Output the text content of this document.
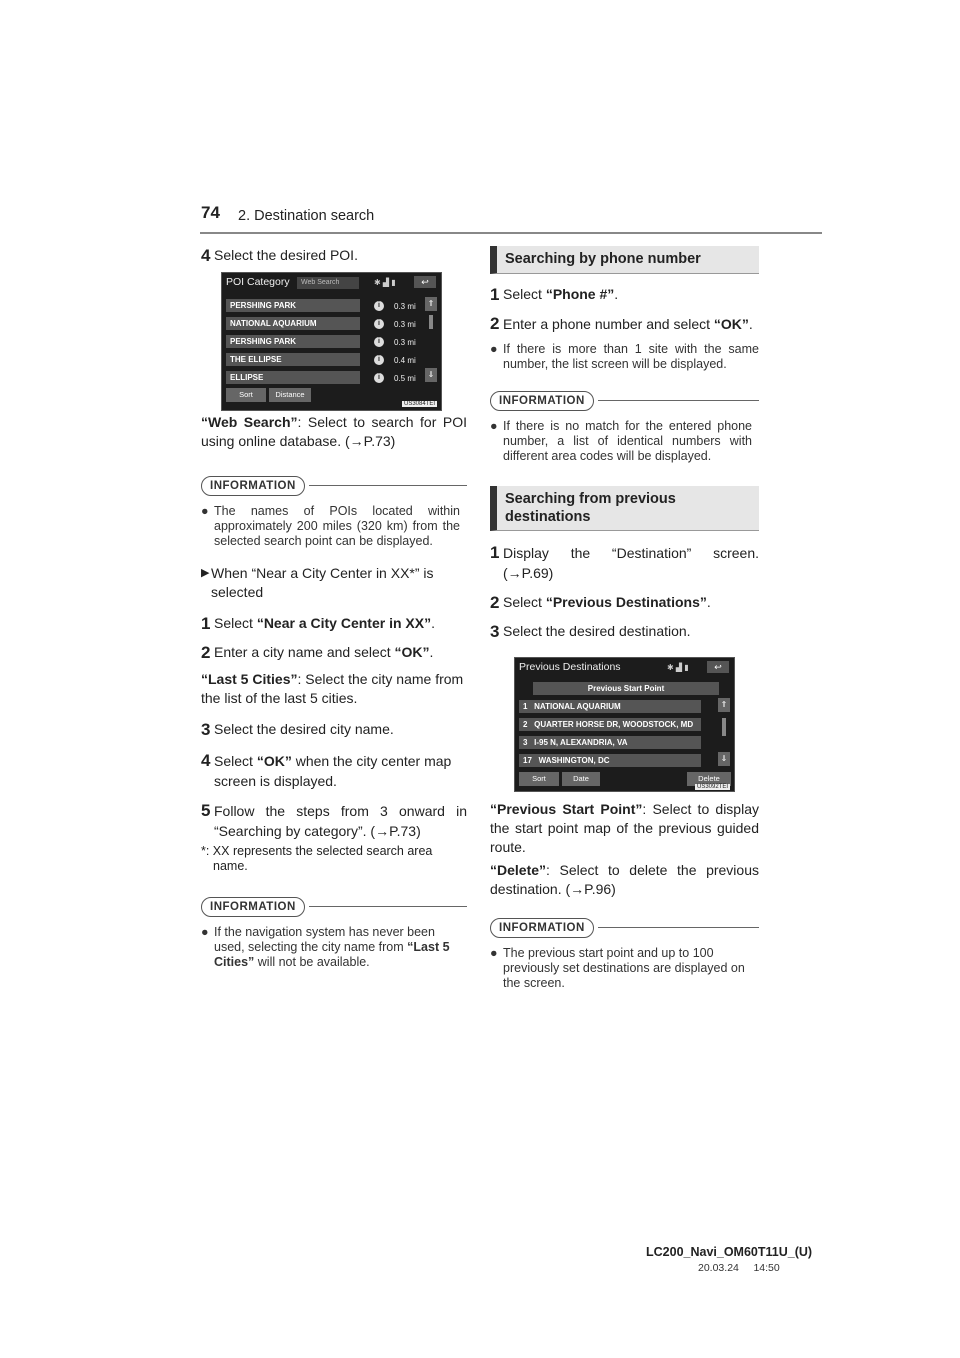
74 2. Destination search
4 Select the desired POI.
POI Category	Web Search	✱ ▟ ▮	↩
PERSHING PARK	i	0.3 mi
NATIONAL AQUARIUM	i	0.3 mi
PERSHING PARK	i	0.3 mi
THE ELLIPSE	i	0.4 mi
ELLIPSE	i	0.5 mi
⇑
⇓
Sort	Distance
US3084TEI

“Web Search”: Select to search for POI using online database. (→P.73)

INFORMATION
● The names of POIs located within approximately 200 miles (320 km) from the selected search point can be displayed.
▶ When “Near a City Center in XX*” is selected
1 Select “Near a City Center in XX”.
2 Enter a city name and select “OK”.

“Last 5 Cities”: Select the city name from the list of the last 5 cities.

3 Select the desired city name.
4 Select “OK” when the city center map screen is displayed.
5 Follow the steps from 3 onward in “Searching by category”. (→P.73)

*: XX represents the selected search area name.

INFORMATION
● If the navigation system has never been used, selecting the city name from “Last 5 Cities” will not be available.
Searching by phone number
1 Select “Phone #”.
2 Enter a phone number and select “OK”.
● If there is more than 1 site with the same number, the list screen will be displayed.
INFORMATION
● If there is no match for the entered phone number, a list of identical numbers with different area codes will be displayed.
Searching from previous destinations
1 Display the “Destination” screen. (→P.69)
2 Select “Previous Destinations”.
3 Select the desired destination.
Previous Destinations	✱ ▟ ▮	↩
Previous Start Point
1 NATIONAL AQUARIUM
2 QUARTER HORSE DR, WOODSTOCK, MD
3 I-95 N, ALEXANDRIA, VA
17 WASHINGTON, DC
⇑
⇓
Sort	Date	Delete
US3092TEI

“Previous Start Point”: Select to display the start point map of the previous guided route.

“Delete”: Select to delete the previous destination. (→P.96)

INFORMATION
● The previous start point and up to 100 previously set destinations are displayed on the screen.
LC200_Navi_OM60T11U_(U)
20.03.24     14:50
